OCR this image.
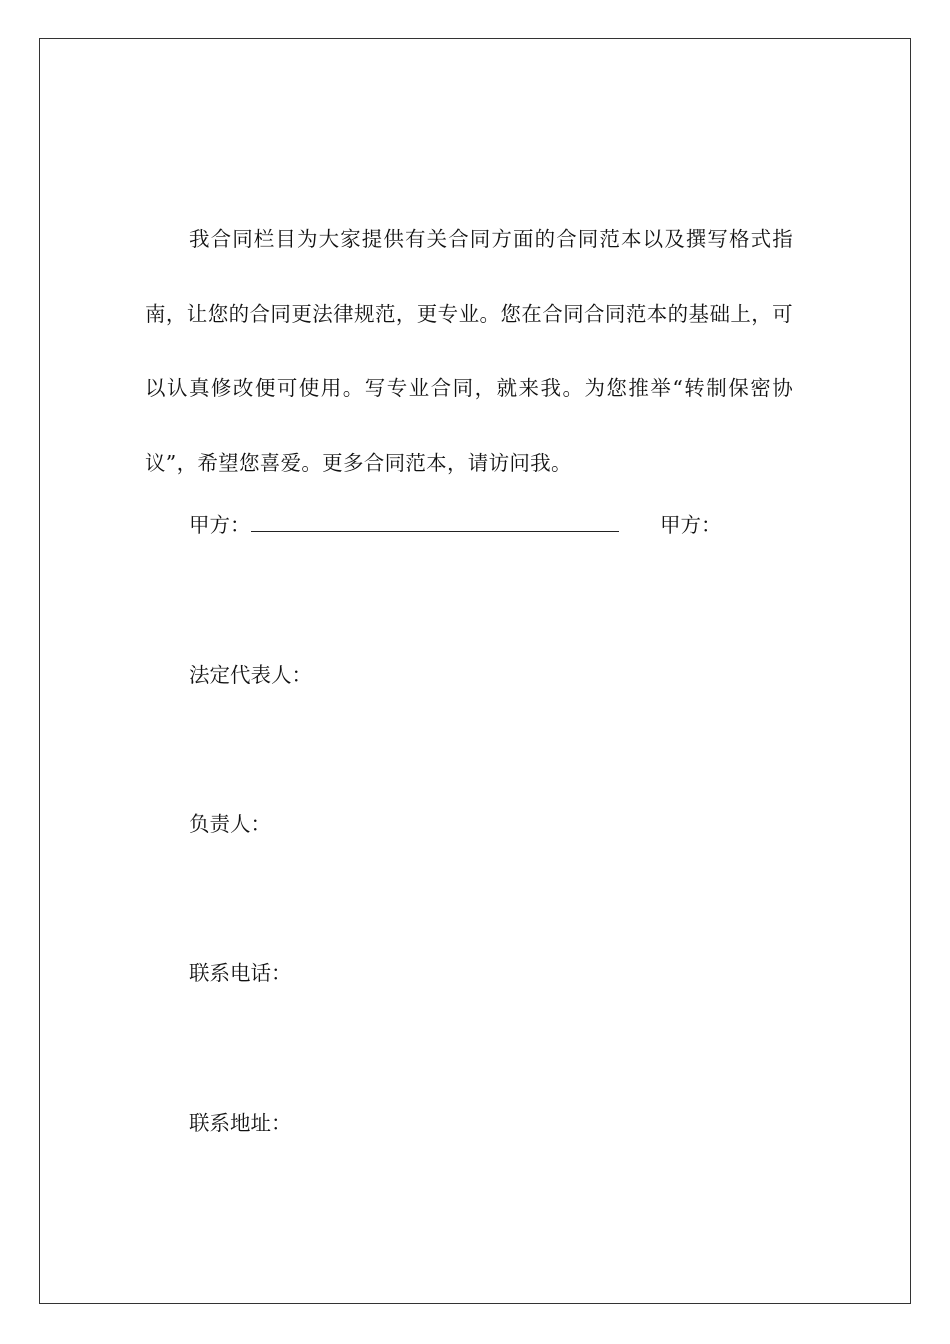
我合同栏目为大家提供有关合同方面的合同范本以及撰写格式指南，让您的合同更法律规范，更专业。您在合同合同范本的基础上，可以认真修改便可使用。写专业合同，就来我。为您推举“转制保密协议”，希望您喜爱。更多合同范本，请访问我。

甲方：	甲方：
法定代表人：
负责人：
联系电话：
联系地址：
